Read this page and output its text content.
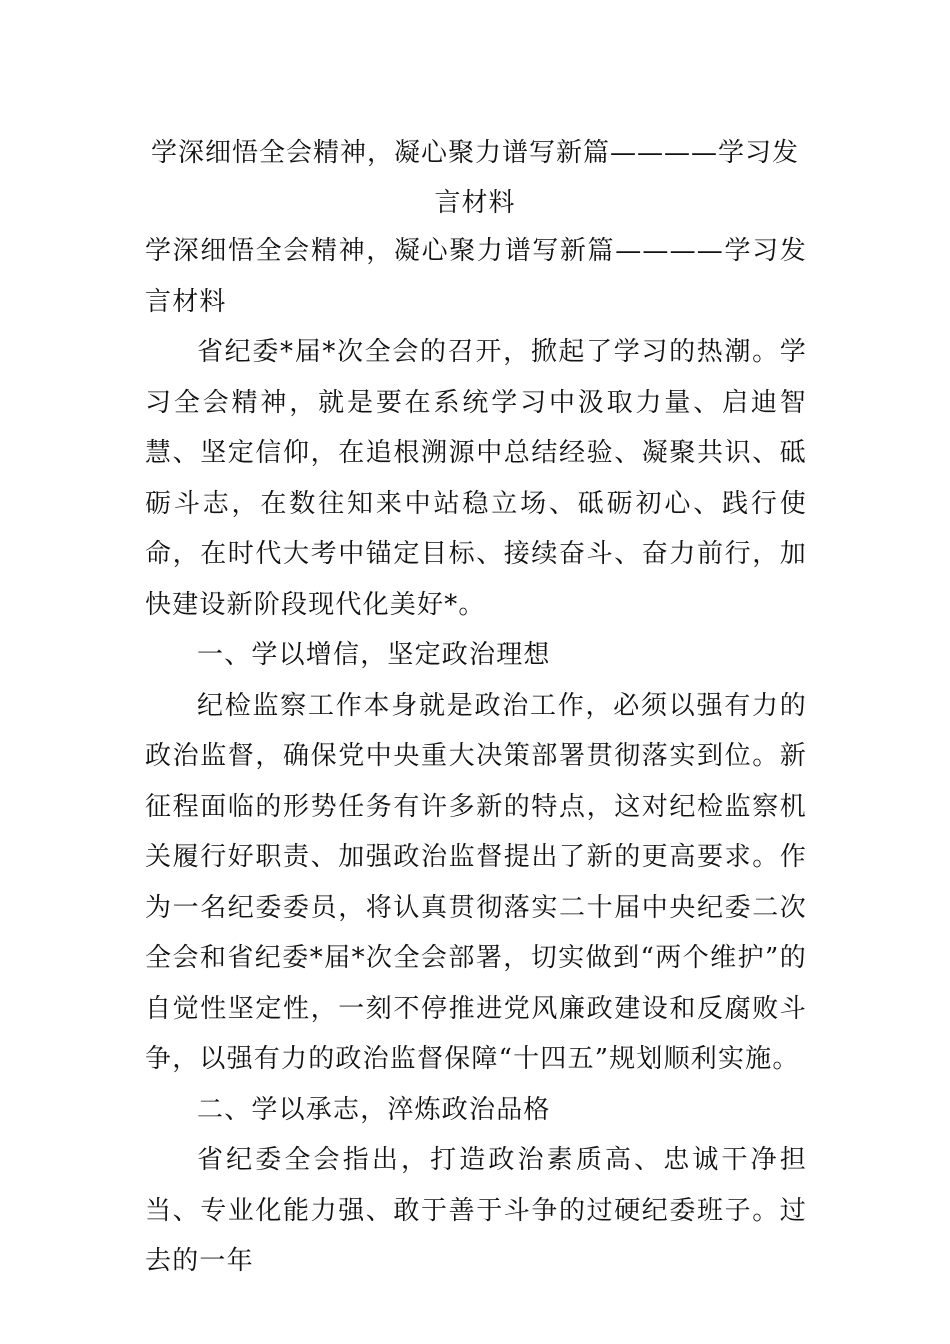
学深细悟全会精神，凝心聚力谱写新篇————学习发言材料

学深细悟全会精神，凝心聚力谱写新篇————学习发言材料

省纪委*届*次全会的召开，掀起了学习的热潮。学习全会精神，就是要在系统学习中汲取力量、启迪智慧、坚定信仰，在追根溯源中总结经验、凝聚共识、砥砺斗志，在数往知来中站稳立场、砥砺初心、践行使命，在时代大考中锚定目标、接续奋斗、奋力前行，加快建设新阶段现代化美好*。

一、学以增信，坚定政治理想

纪检监察工作本身就是政治工作，必须以强有力的政治监督，确保党中央重大决策部署贯彻落实到位。新征程面临的形势任务有许多新的特点，这对纪检监察机关履行好职责、加强政治监督提出了新的更高要求。作为一名纪委委员，将认真贯彻落实二十届中央纪委二次全会和省纪委*届*次全会部署，切实做到“两个维护”的自觉性坚定性，一刻不停推进党风廉政建设和反腐败斗争，以强有力的政治监督保障“十四五”规划顺利实施。

二、学以承志，淬炼政治品格

省纪委全会指出，打造政治素质高、忠诚干净担当、专业化能力强、敢于善于斗争的过硬纪委班子。过去的一年
